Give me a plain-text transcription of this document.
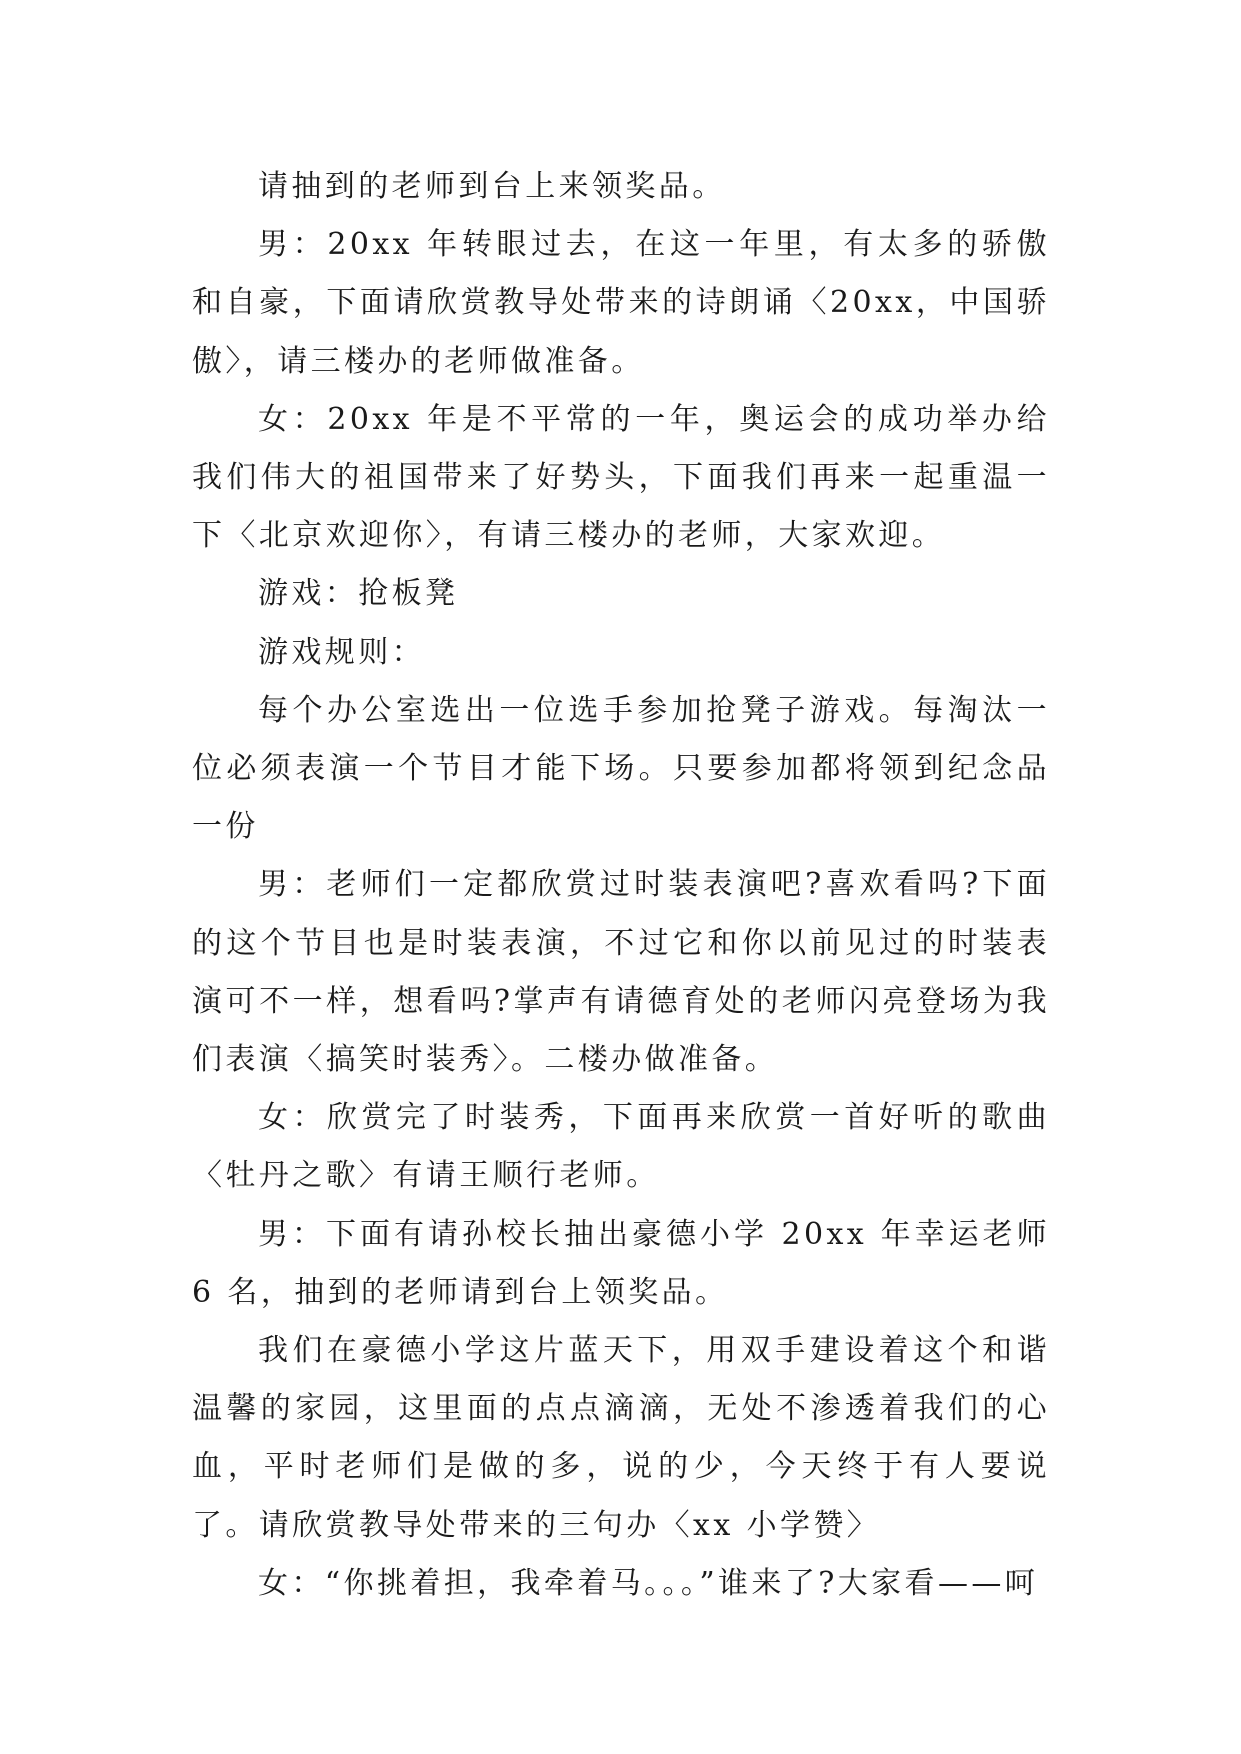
请抽到的老师到台上来领奖品。

男：20xx 年转眼过去，在这一年里，有太多的骄傲和自豪，下面请欣赏教导处带来的诗朗诵〈20xx，中国骄傲〉，请三楼办的老师做准备。

女：20xx 年是不平常的一年，奥运会的成功举办给我们伟大的祖国带来了好势头，下面我们再来一起重温一下〈北京欢迎你〉，有请三楼办的老师，大家欢迎。

游戏：抢板凳

游戏规则：

每个办公室选出一位选手参加抢凳子游戏。每淘汰一位必须表演一个节目才能下场。只要参加都将领到纪念品一份

男：老师们一定都欣赏过时装表演吧?喜欢看吗?下面的这个节目也是时装表演，不过它和你以前见过的时装表演可不一样，想看吗?掌声有请德育处的老师闪亮登场为我们表演〈搞笑时装秀〉。二楼办做准备。

女：欣赏完了时装秀，下面再来欣赏一首好听的歌曲〈牡丹之歌〉有请王顺行老师。

男：下面有请孙校长抽出豪德小学 20xx 年幸运老师 6 名，抽到的老师请到台上领奖品。

我们在豪德小学这片蓝天下，用双手建设着这个和谐温馨的家园，这里面的点点滴滴，无处不渗透着我们的心血，平时老师们是做的多，说的少，今天终于有人要说了。请欣赏教导处带来的三句办〈xx 小学赞〉

女：“你挑着担，我牵着马。。。”谁来了?大家看——呵
